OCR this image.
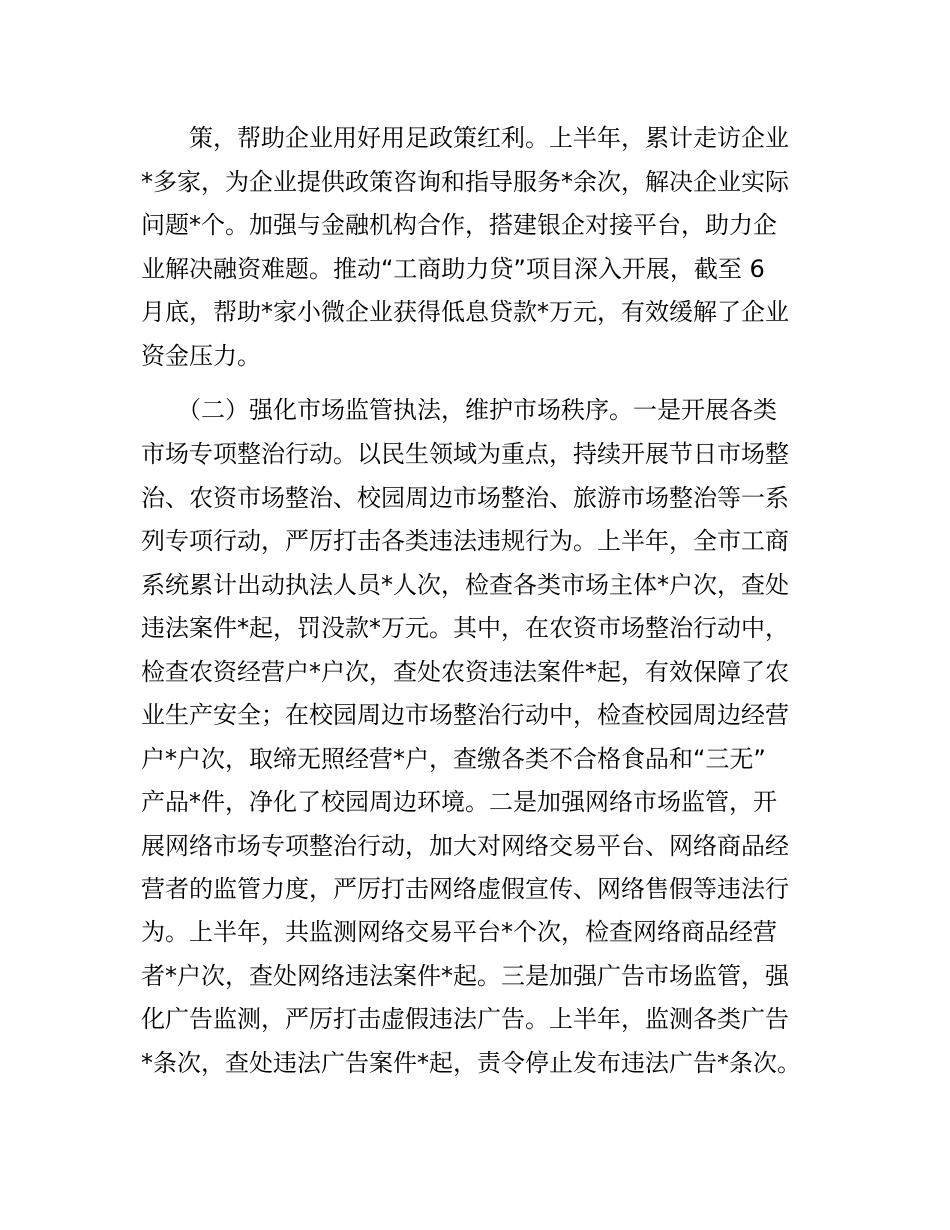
　　策，帮助企业用好用足政策红利。上半年，累计走访企业
*多家，为企业提供政策咨询和指导服务*余次，解决企业实际
问题*个。加强与金融机构合作，搭建银企对接平台，助力企
业解决融资难题。推动“工商助力贷”项目深入开展，截至 6
月底，帮助*家小微企业获得低息贷款*万元，有效缓解了企业
资金压力。
　　（二）强化市场监管执法，维护市场秩序。一是开展各类
市场专项整治行动。以民生领域为重点，持续开展节日市场整
治、农资市场整治、校园周边市场整治、旅游市场整治等一系
列专项行动，严厉打击各类违法违规行为。上半年，全市工商
系统累计出动执法人员*人次，检查各类市场主体*户次，查处
违法案件*起，罚没款*万元。其中，在农资市场整治行动中，
检查农资经营户*户次，查处农资违法案件*起，有效保障了农
业生产安全；在校园周边市场整治行动中，检查校园周边经营
户*户次，取缔无照经营*户，查缴各类不合格食品和“三无”
产品*件，净化了校园周边环境。二是加强网络市场监管，开
展网络市场专项整治行动，加大对网络交易平台、网络商品经
营者的监管力度，严厉打击网络虚假宣传、网络售假等违法行
为。上半年，共监测网络交易平台*个次，检查网络商品经营
者*户次，查处网络违法案件*起。三是加强广告市场监管，强
化广告监测，严厉打击虚假违法广告。上半年，监测各类广告
*条次，查处违法广告案件*起，责令停止发布违法广告*条次。
